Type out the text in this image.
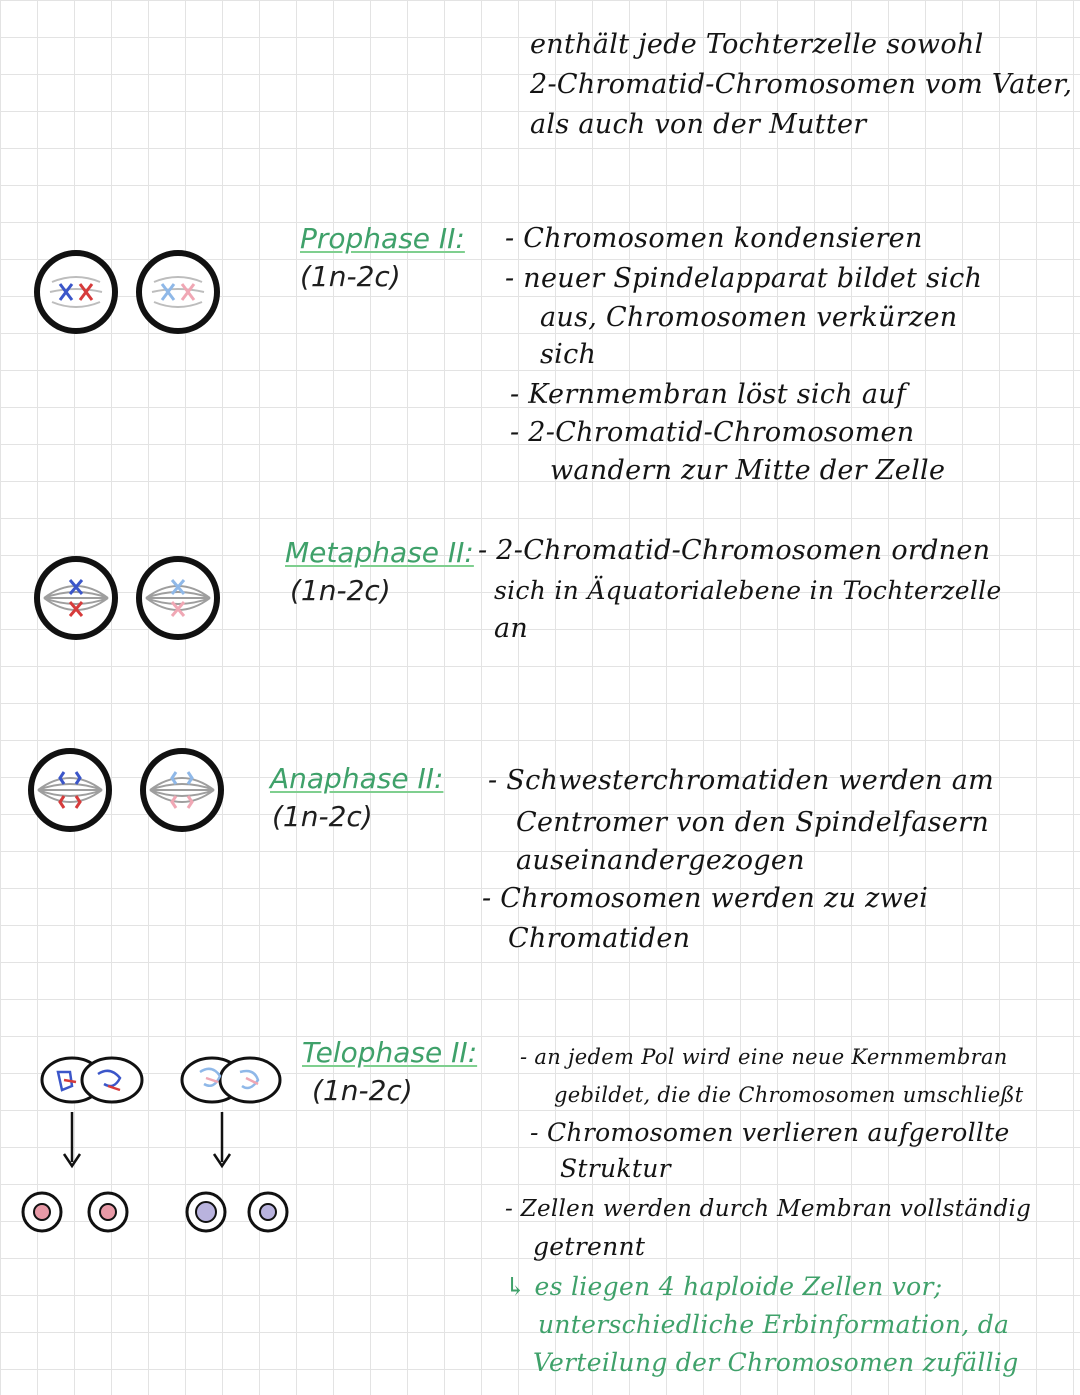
enthält jede Tochterzelle sowohl
2-Chromatid-Chromosomen vom Vater,
als auch von der Mutter
Prophase II:
(1n-2c)
- Chromosomen kondensieren
- neuer Spindelapparat bildet sich
aus, Chromosomen verkürzen
sich
- Kernmembran löst sich auf
- 2-Chromatid-Chromosomen
wandern zur Mitte der Zelle
Metaphase II:
(1n-2c)
- 2-Chromatid-Chromosomen ordnen
sich in Äquatorialebene in Tochterzelle
an
Anaphase II:
(1n-2c)
- Schwesterchromatiden werden am
Centromer von den Spindelfasern
auseinandergezogen
- Chromosomen werden zu zwei
Chromatiden
Telophase II:
(1n-2c)
- an jedem Pol wird eine neue Kernmembran
gebildet, die die Chromosomen umschließt
- Chromosomen verlieren aufgerollte
Struktur
- Zellen werden durch Membran vollständig
getrennt
↳ es liegen 4 haploide Zellen vor;
unterschiedliche Erbinformation, da
Verteilung der Chromosomen zufällig
